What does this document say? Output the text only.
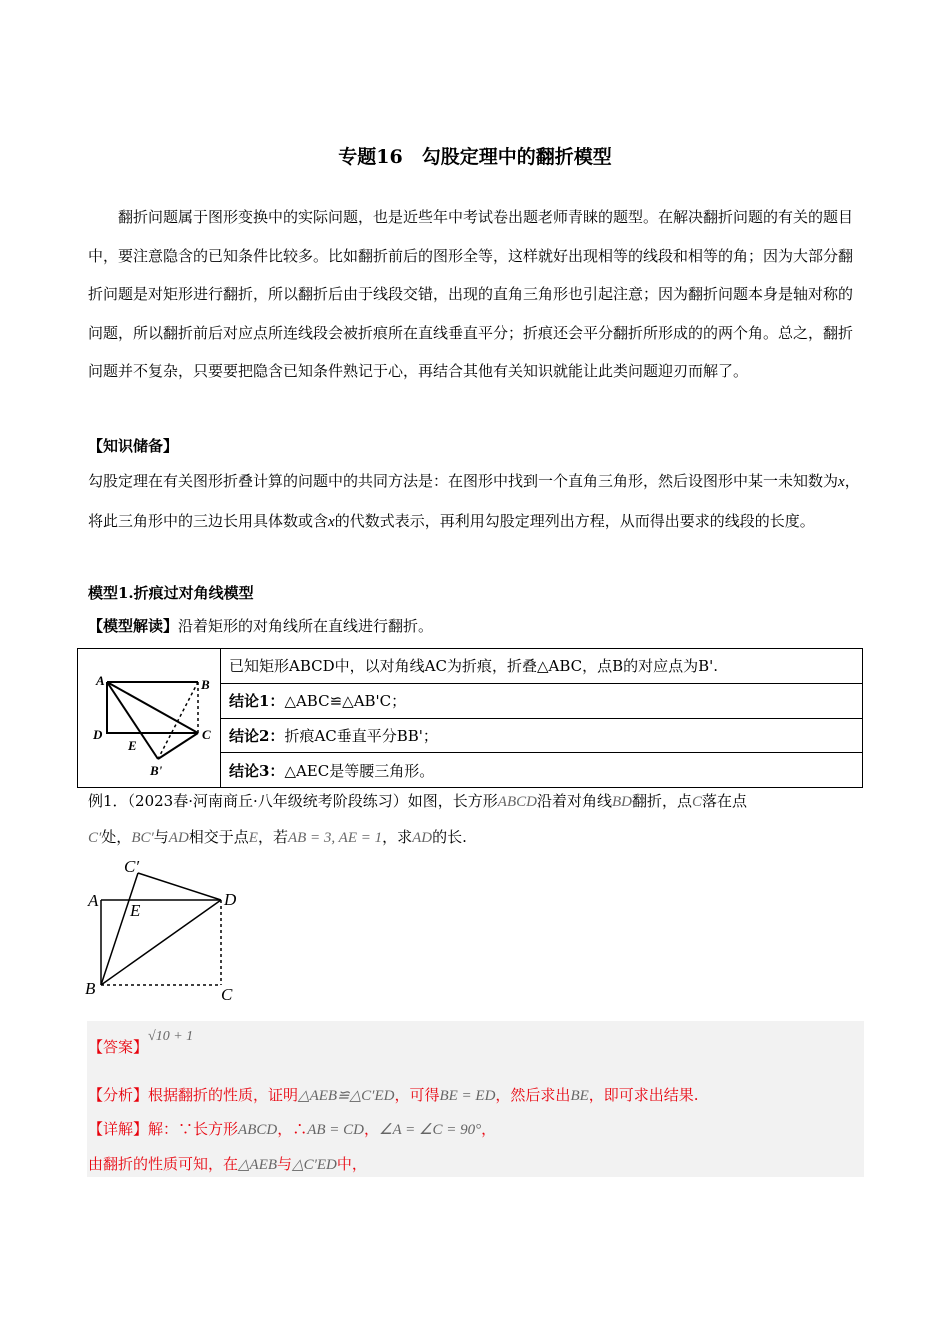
专题16　勾股定理中的翻折模型
翻折问题属于图形变换中的实际问题，也是近些年中考试卷出题老师青睐的题型。在解决翻折问题的有关的题目中，要注意隐含的已知条件比较多。比如翻折前后的图形全等，这样就好出现相等的线段和相等的角；因为大部分翻折问题是对矩形进行翻折，所以翻折后由于线段交错，出现的直角三角形也引起注意；因为翻折问题本身是轴对称的问题，所以翻折前后对应点所连线段会被折痕所在直线垂直平分；折痕还会平分翻折所形成的的两个角。总之，翻折问题并不复杂，只要要把隐含已知条件熟记于心，再结合其他有关知识就能让此类问题迎刃而解了。
【知识储备】
勾股定理在有关图形折叠计算的问题中的共同方法是：在图形中找到一个直角三角形，然后设图形中某一未知数为x，将此三角形中的三边长用具体数或含x的代数式表示，再利用勾股定理列出方程，从而得出要求的线段的长度。
模型1.折痕过对角线模型
【模型解读】沿着矩形的对角线所在直线进行翻折。
A	B
C
D
E
B'
	已知矩形ABCD中，以对角线AC为折痕，折叠△ABC，点B的对应点为B'.
结论1：△ABC≌△AB'C；
结论2：折痕AC垂直平分BB'；
结论3：△AEC是等腰三角形。
例1．（2023春·河南商丘·八年级统考阶段练习）如图，长方形ABCD沿着对角线BD翻折，点C落在点
C′处，BC′与AD相交于点E，若AB = 3, AE = 1，求AD的长.
A
B	C
D
E
C′
【答案】√10 + 1
【分析】根据翻折的性质，证明△AEB≌△C′ED，可得BE = ED，然后求出BE，即可求出结果.
【详解】解：∵长方形ABCD，∴AB = CD，∠A = ∠C = 90°，
由翻折的性质可知，在△AEB与△C′ED中，
